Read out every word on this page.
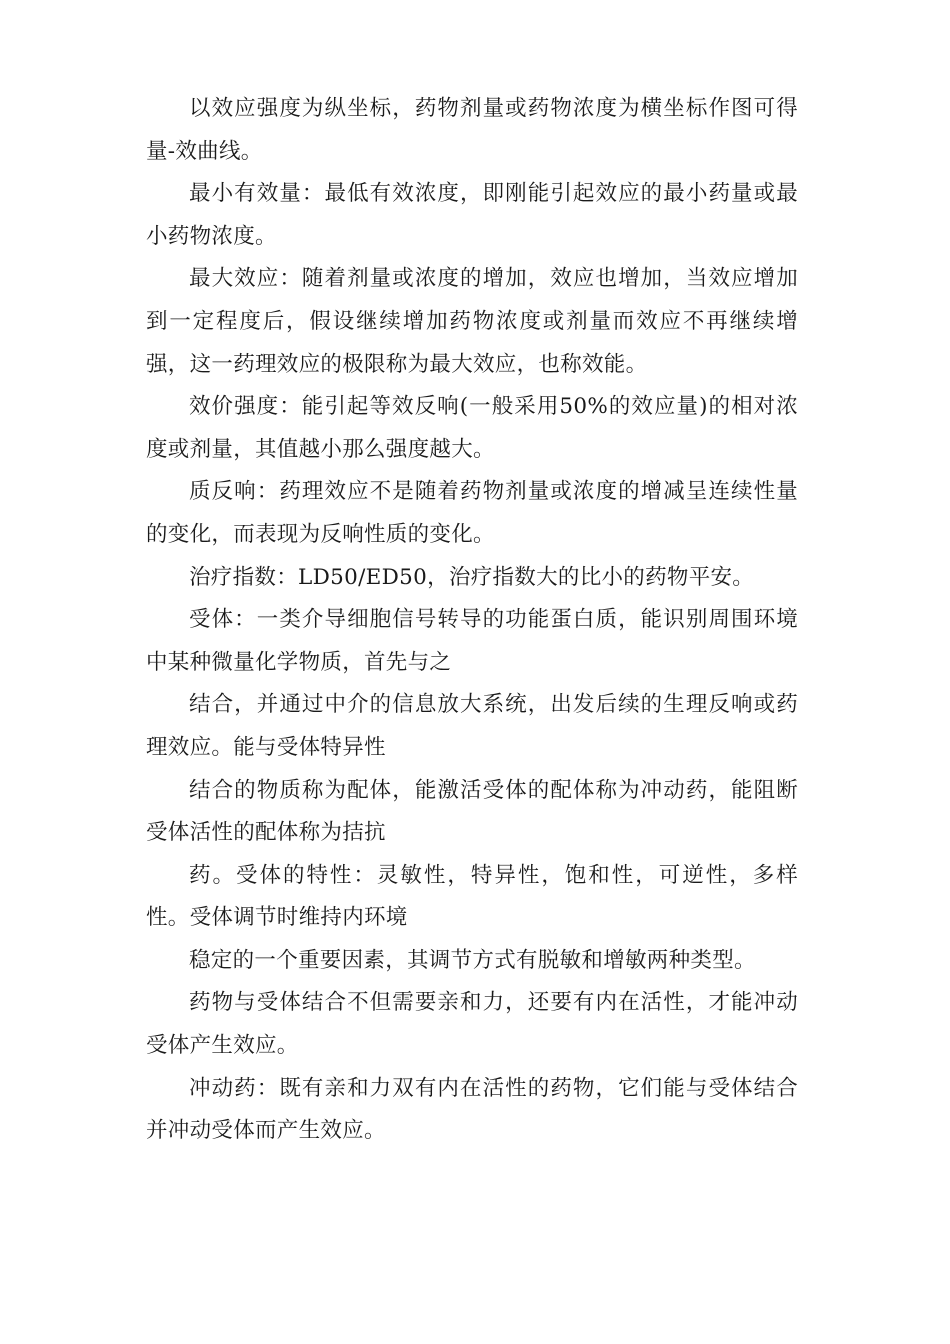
以效应强度为纵坐标，药物剂量或药物浓度为横坐标作图可得量-效曲线。

最小有效量：最低有效浓度，即刚能引起效应的最小药量或最小药物浓度。

最大效应：随着剂量或浓度的增加，效应也增加，当效应增加到一定程度后，假设继续增加药物浓度或剂量而效应不再继续增强，这一药理效应的极限称为最大效应，也称效能。

效价强度：能引起等效反响(一般采用50%的效应量)的相对浓度或剂量，其值越小那么强度越大。

质反响：药理效应不是随着药物剂量或浓度的增减呈连续性量的变化，而表现为反响性质的变化。

治疗指数：LD50/ED50，治疗指数大的比小的药物平安。

受体：一类介导细胞信号转导的功能蛋白质，能识别周围环境中某种微量化学物质，首先与之

结合，并通过中介的信息放大系统，出发后续的生理反响或药理效应。能与受体特异性

结合的物质称为配体，能激活受体的配体称为冲动药，能阻断受体活性的配体称为拮抗

药。受体的特性：灵敏性，特异性，饱和性，可逆性，多样性。受体调节时维持内环境

稳定的一个重要因素，其调节方式有脱敏和增敏两种类型。

药物与受体结合不但需要亲和力，还要有内在活性，才能冲动受体产生效应。

冲动药：既有亲和力双有内在活性的药物，它们能与受体结合并冲动受体而产生效应。
